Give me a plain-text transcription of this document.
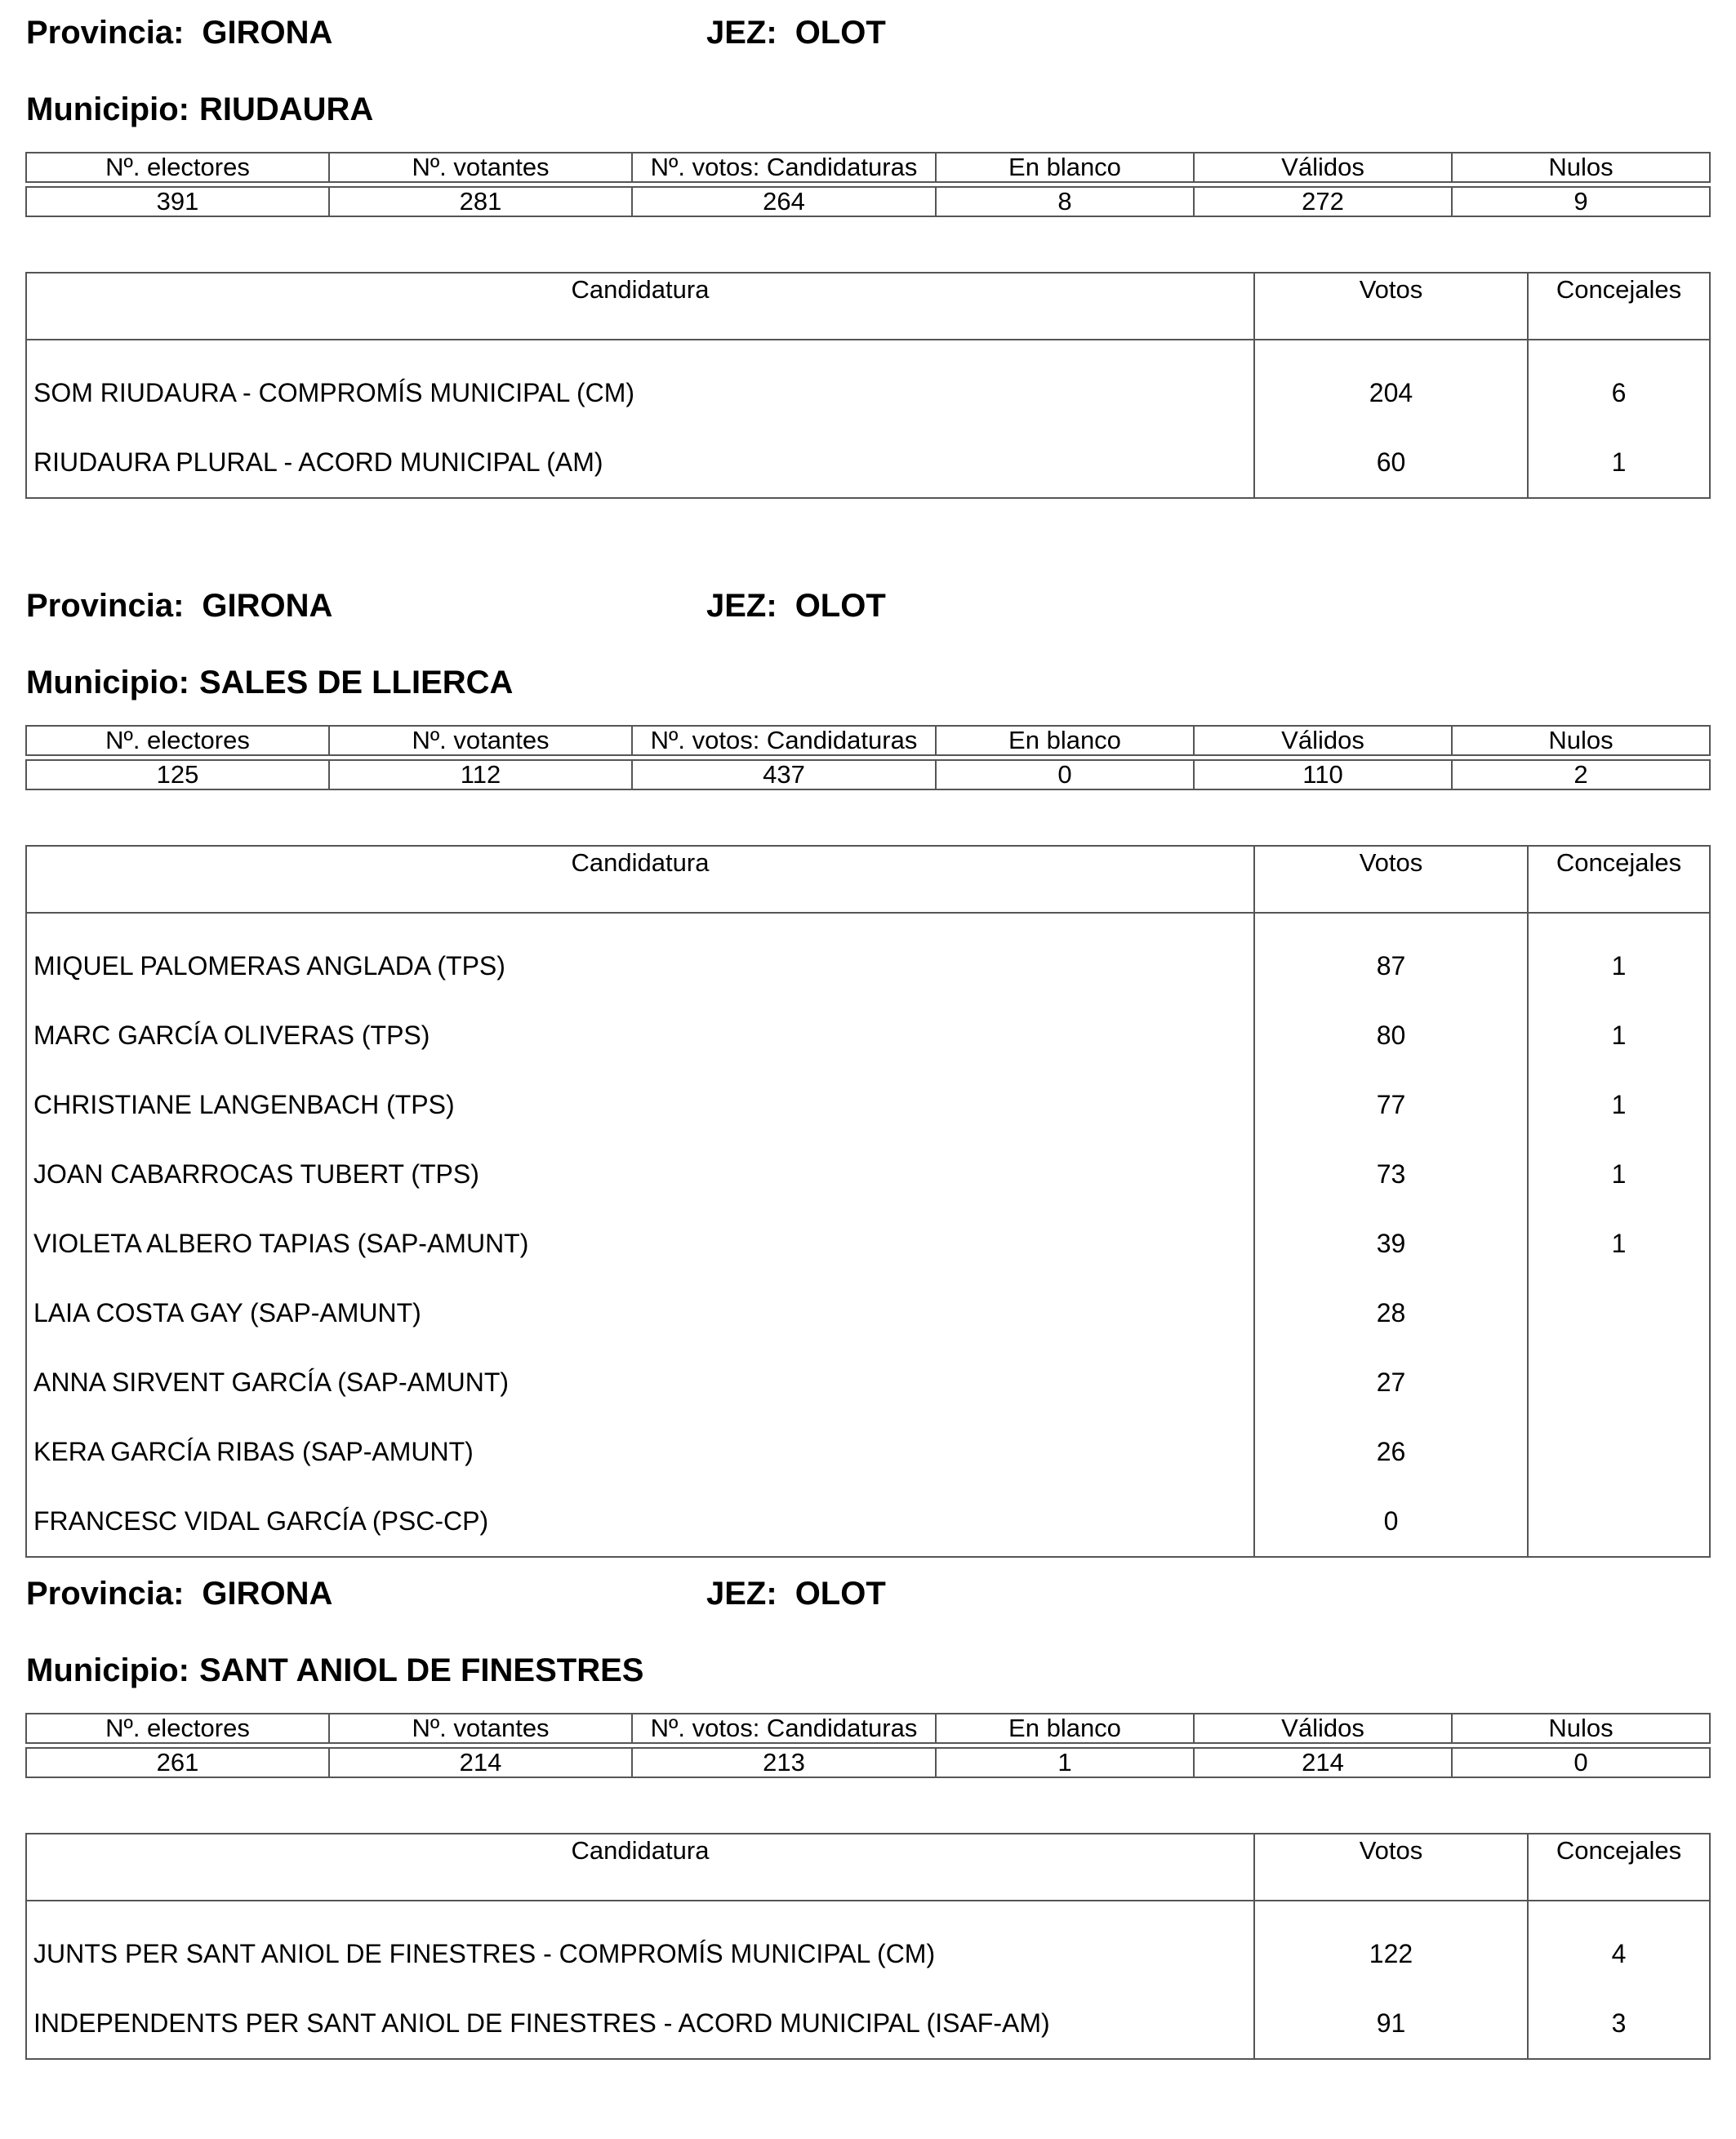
Provincia: GIRONA	JEZ: OLOT
Municipio: RIUDAURA
Nº. electores	Nº. votantes	Nº. votos: Candidaturas	En blanco	Válidos	Nulos

391	281	264	8	272	9
Candidatura	Votos	Concejales
SOM RIUDAURA - COMPROMÍS MUNICIPAL (CM)	204	6
RIUDAURA PLURAL - ACORD MUNICIPAL (AM)	60	1
Provincia: GIRONA	JEZ: OLOT
Municipio: SALES DE LLIERCA
Nº. electores	Nº. votantes	Nº. votos: Candidaturas	En blanco	Válidos	Nulos

125	112	437	0	110	2
Candidatura	Votos	Concejales
MIQUEL PALOMERAS ANGLADA (TPS)	87	1
MARC GARCÍA OLIVERAS (TPS)	80	1
CHRISTIANE LANGENBACH (TPS)	77	1
JOAN CABARROCAS TUBERT (TPS)	73	1
VIOLETA ALBERO TAPIAS (SAP-AMUNT)	39	1
LAIA COSTA GAY (SAP-AMUNT)	28	
ANNA SIRVENT GARCÍA (SAP-AMUNT)	27	
KERA GARCÍA RIBAS (SAP-AMUNT)	26	
FRANCESC VIDAL GARCÍA (PSC-CP)	0	
Provincia: GIRONA	JEZ: OLOT
Municipio: SANT ANIOL DE FINESTRES
Nº. electores	Nº. votantes	Nº. votos: Candidaturas	En blanco	Válidos	Nulos

261	214	213	1	214	0
Candidatura	Votos	Concejales
JUNTS PER SANT ANIOL DE FINESTRES - COMPROMÍS MUNICIPAL (CM)	122	4
INDEPENDENTS PER SANT ANIOL DE FINESTRES - ACORD MUNICIPAL (ISAF-AM)	91	3
